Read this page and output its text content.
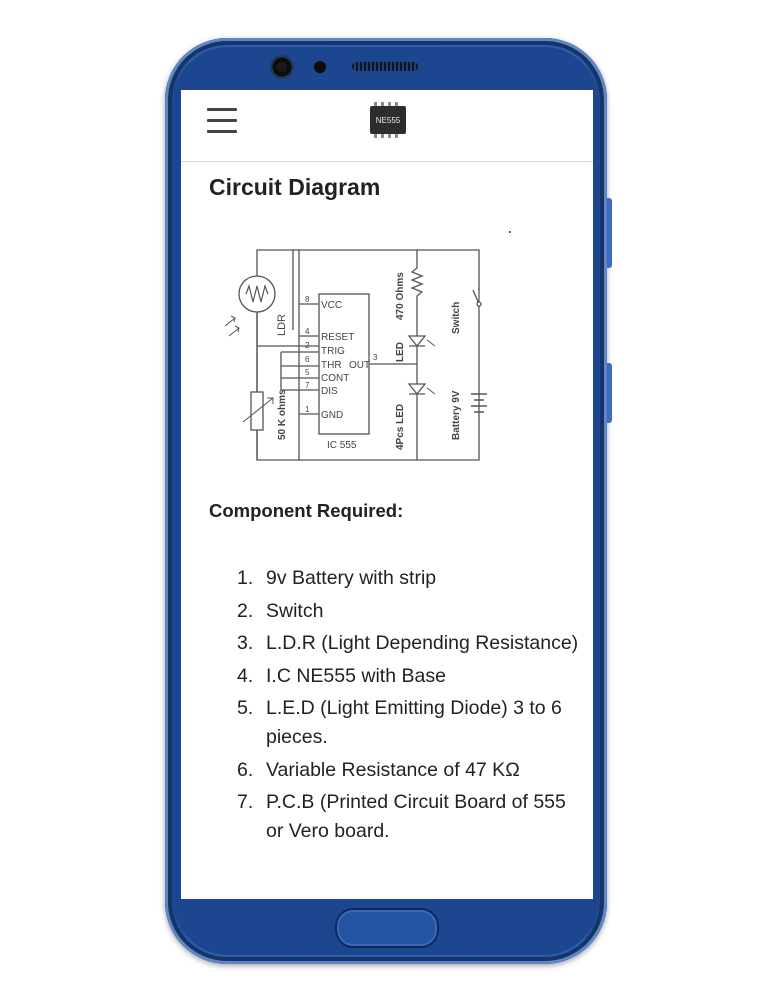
NE555
Circuit Diagram
LDR
50 K ohms
VCC
RESET
TRIG
THR
CONT
DIS
GND
8
4
2
6
5
7
1
OUT
3
IC 555
470 Ohms
LED
4Pcs LED
Switch
Battery 9V
Component Required:
1. 9v Battery with strip
2. Switch
3. L.D.R (Light Depending Resistance)
4. I.C NE555 with Base
5. L.E.D (Light Emitting Diode) 3 to 6 pieces.
6. Variable Resistance of 47 KΩ
7. P.C.B (Printed Circuit Board of 555 or Vero board.
